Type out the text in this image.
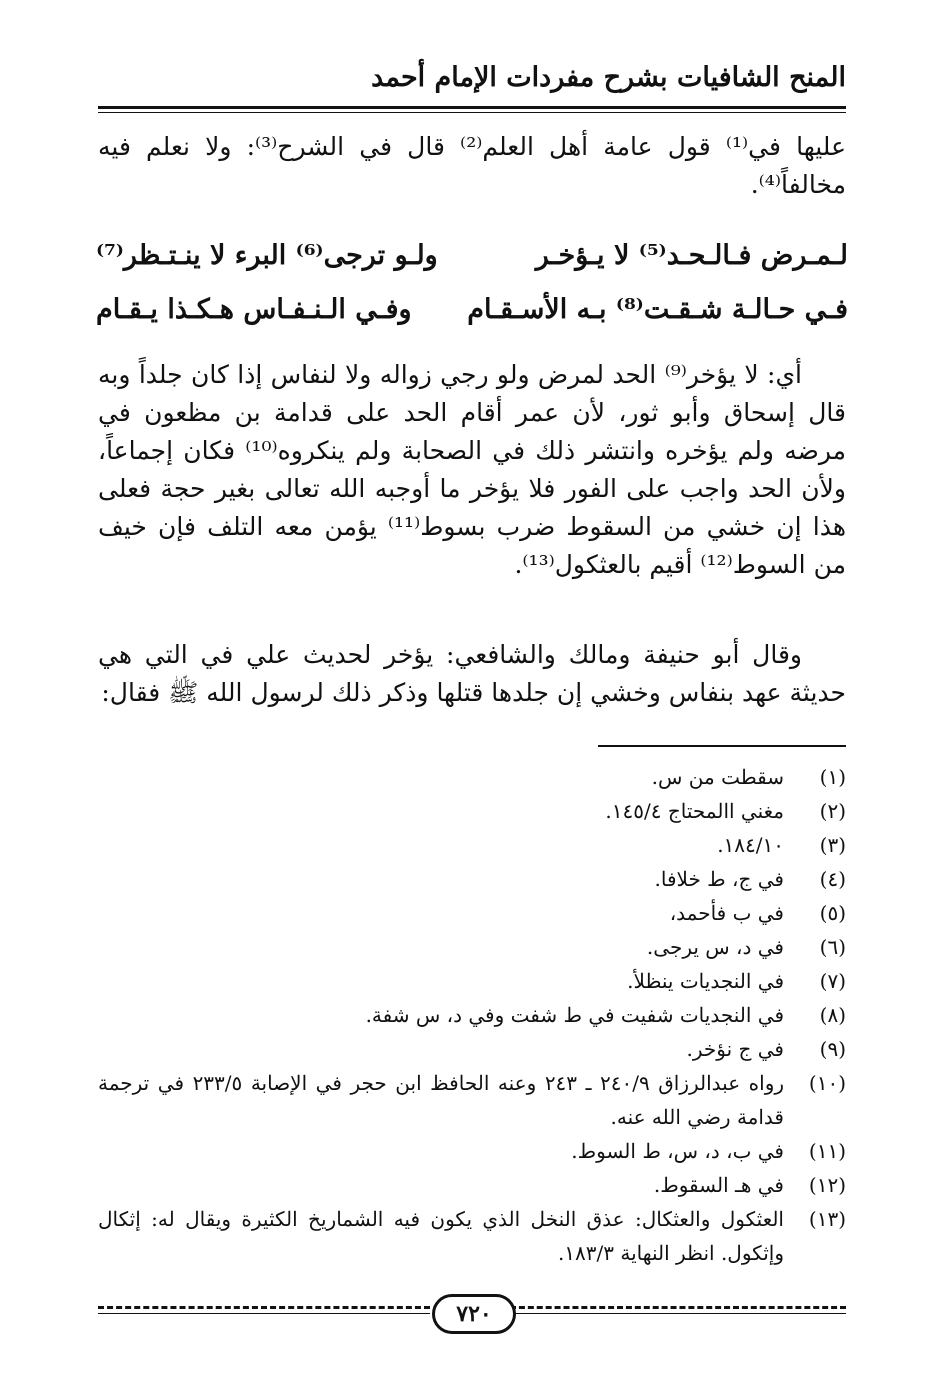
المنح الشافيات بشرح مفردات الإمام أحمد
عليها في⁽¹⁾ قول عامة أهل العلم⁽²⁾ قال في الشرح⁽³⁾: ولا نعلم فيه مخالفاً⁽⁴⁾.
لـمـرض فـالـحـد⁽⁵⁾ لا يـؤخـر
ولـو ترجى⁽⁶⁾ البرء لا ينـتـظر⁽⁷⁾
فـي حـالـة شـقـت⁽⁸⁾ بـه الأسـقـام
وفـي الـنـفـاس هـكـذا يـقـام
أي: لا يؤخر⁽⁹⁾ الحد لمرض ولو رجي زواله ولا لنفاس إذا كان جلداً وبه قال إسحاق وأبو ثور، لأن عمر أقام الحد على قدامة بن مظعون في مرضه ولم يؤخره وانتشر ذلك في الصحابة ولم ينكروه⁽¹⁰⁾ فكان إجماعاً، ولأن الحد واجب على الفور فلا يؤخر ما أوجبه الله تعالى بغير حجة فعلى هذا إن خشي من السقوط ضرب بسوط⁽¹¹⁾ يؤمن معه التلف فإن خيف من السوط⁽¹²⁾ أقيم بالعثكول⁽¹³⁾.
وقال أبو حنيفة ومالك والشافعي: يؤخر لحديث علي في التي هي حديثة عهد بنفاس وخشي إن جلدها قتلها وذكر ذلك لرسول الله ﷺ فقال:
(١)
سقطت من س.
(٢)
مغني االمحتاج ١٤٥/٤.
(٣)
١٨٤/١٠.
(٤)
في ج، ط خلافا.
(٥)
في ب فأحمد،
(٦)
في د، س يرجى.
(٧)
في النجديات ينظلأ.
(٨)
في النجديات شفيت في ط شفت وفي د، س شفة.
(٩)
في ج نؤخر.
(١٠)
رواه عبدالرزاق ٢٤٠/٩ ـ ٢٤٣ وعنه الحافظ ابن حجر في الإصابة ٢٣٣/٥ في ترجمة قدامة رضي الله عنه.
(١١)
في ب، د، س، ط السوط.
(١٢)
في هـ السقوط.
(١٣)
العثكول والعثكال: عذق النخل الذي يكون فيه الشماريخ الكثيرة ويقال له: إثكال وإثكول. انظر النهاية ١٨٣/٣.
٧٢٠
